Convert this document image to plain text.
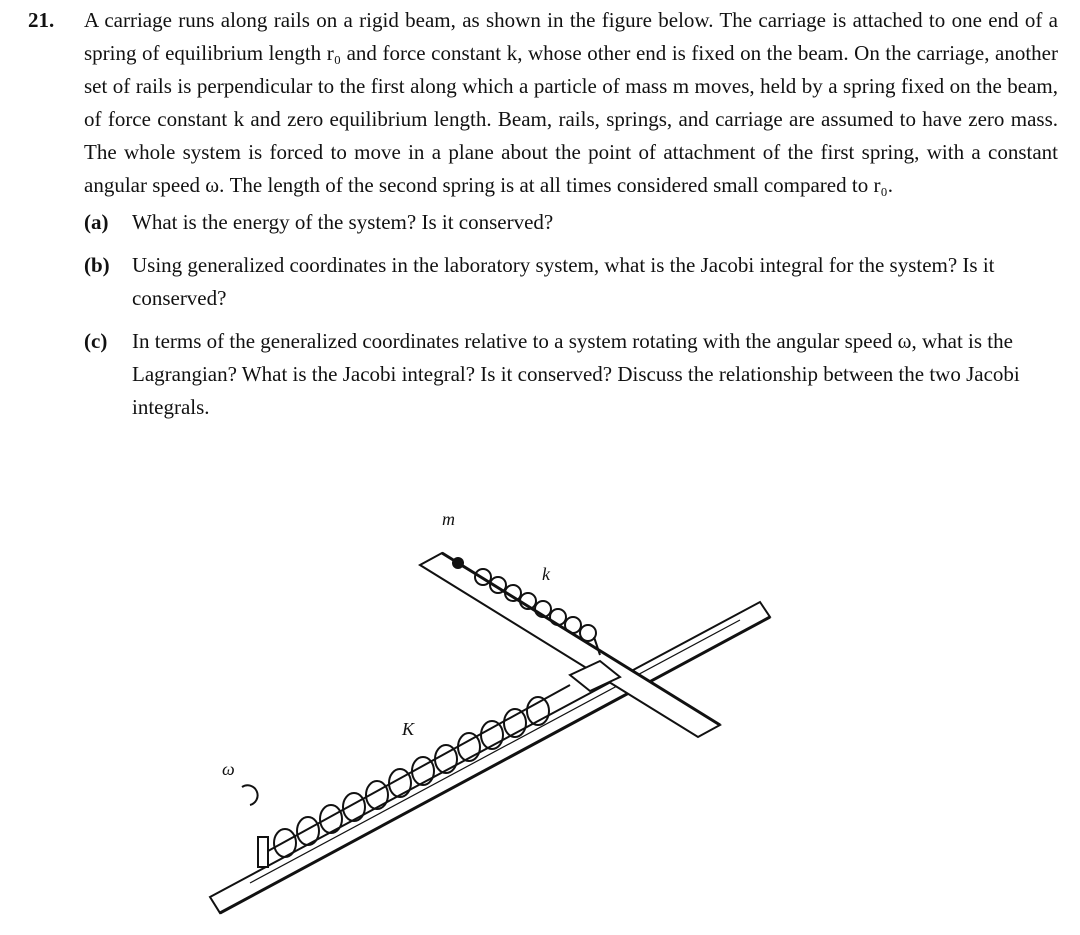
21. A carriage runs along rails on a rigid beam, as shown in the figure below. The carriage is attached to one end of a spring of equilibrium length r₀ and force constant k, whose other end is fixed on the beam. On the carriage, another set of rails is perpendicular to the first along which a particle of mass m moves, held by a spring fixed on the beam, of force constant k and zero equilibrium length. Beam, rails, springs, and carriage are assumed to have zero mass. The whole system is forced to move in a plane about the point of attachment of the first spring, with a constant angular speed ω. The length of the second spring is at all times considered small compared to r₀.
(a)	What is the energy of the system? Is it conserved?
(b)	Using generalized coordinates in the laboratory system, what is the Jacobi integral for the system? Is it conserved?
(c)	In terms of the generalized coordinates relative to a system rotating with the angular speed ω, what is the Lagrangian? What is the Jacobi integral? Is it conserved? Discuss the relationship between the two Jacobi integrals.
m
k
K
ω
